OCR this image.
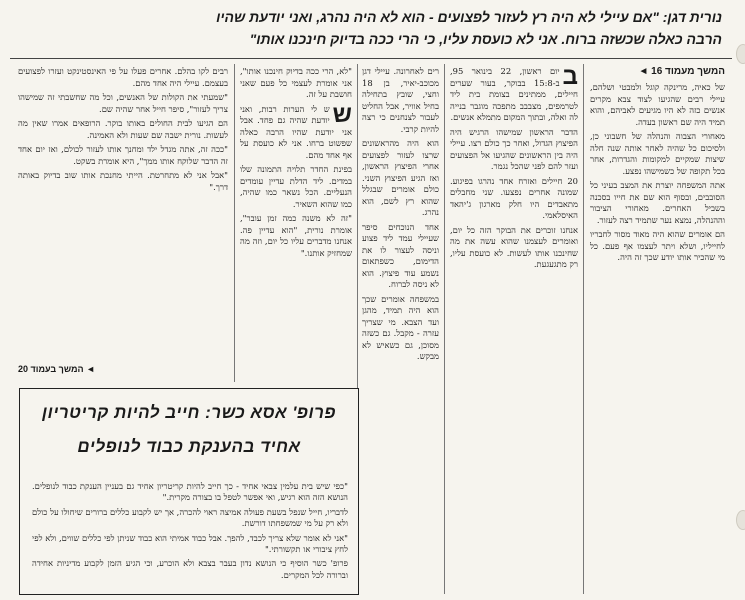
נורית דגן: "אם עיילי לא היה רץ לעזור לפצועים - הוא לא היה נהרג, ואני יודעת שהיו
הרבה כאלה שכשזה ברוח. אני לא כועסת עליו, כי הרי ככה בדיוק חינכנו אותו"
המשך מעמוד 16 ◄

של כאיה, מרינקה קוגל ולמבטי ושלהם, עיילי רבים שהגיעו לצוד צבא מקרים אנשים כזה לא היו מגיעים לאביהם, והוא תמיד היה שם ראשון בעדה.

מאחורי הצבוה והנהלה של חשבוני כן, ולסיכום כל שהיה לאחר אותה שנה חלה שיצות שמקיים למקומות והגדרות, אחר בכל תקופה של כשמישהו נפצע.

אתה המשפחה יוצרת את המצב בעיני כל הסובבים, ובסוף הוא שם את חייו בסכנה בשביל האחרים. מאחורי הציבור וההנהלה, נמצא נער שתמיד רצה לעזור.

הם אומרים שהוא היה מאוד מסור לחבריו לחייליו, ושלא ויתר לעצמו אף פעם. כל מי שהכיר אותו יודע שכך זה היה.

ב
יום ראשון, 22 בינואר 95, ב-15:8 בבוקר, בעור שערים חיילים, ממתינים בצומת בית ליד לטרמפים, מצבבב מתפכה מוגבר בנייה לה ואלה, ובתוך המקום מתמלא אנשים.

הדבר הראשון שמישהו הרגיש היה הפיצוץ הגדול, ואחר כך כולם רצו. עיילי היה בין הראשונים שהגיעו אל הפצועים ועזר להם לפני שהכל נגמר.

20 חיילים ואזרח אחד נהרגו בפיגוע. שמונה אחרים נפצעו. שני מחבלים מתאבדים היו חלק מארגון ג'יהאד האיסלאמי.

אנחנו זוכרים את הבוקר הזה כל יום, ואומרים לעצמנו שהוא עשה את מה שחינכנו אותו לעשות. לא כועסת עליו, רק מתגעגעת.

רים לאחרונה. עיילי דגן מכוכב-יאיר, בן 18 וחצי, שובץ בתחילה בחיל אוויר, אבל החליט לעבור לצנחנים כי רצה להיות קרבי.

הוא היה מהראשונים שרצו לעזור לפצועים אחרי הפיצוץ הראשון, ואז הגיע הפיצוץ השני. כולם אומרים שבגלל שהוא רץ לשם, הוא נהרג.

אחד הנוכחים סיפר שעיילי עמד ליד פצוע וניסה לעצור לו את הדימום, כשפתאום נשמע עוד פיצוץ. הוא לא ניסה לברוח.

במשפחה אומרים שכך הוא היה תמיד, מהגן ועד הצבא. מי שצריך עזרה - מקבל. גם כשזה מסוכן, גם כשאיש לא מבקש.

"לא, הרי ככה בדיוק חינכנו אותו", אני אומרת לעצמי כל פעם שאני חושבת על זה.

ש
ש לי הערות רבות, ואני יודעת שהיה גם פחד. אבל אני יודעת שהיו הרבה כאלה שפשוט ברחו. אני לא כועסת על אף אחד מהם.

בפינת החדר תלויה התמונה שלו במדים. ליד הדלת עדיין עומדים הנעליים. הכל נשאר כמו שהיה, כמו שהוא השאיר.

"זה לא משנה כמה זמן עובר", אומרת נורית, "הוא עדיין פה. אנחנו מדברים עליו כל יום, וזה מה שמחזיק אותנו."

רבים לקו בהלם. אחרים פעלו על פי האינסטינקט ועזרו לפצועים בעצמם. עיילי היה אחד מהם.

"שמעתי את הקולות של האנשים, וכל מה שחשבתי זה שמישהו צריך לעזור", סיפר חייל אחר שהיה שם.

הם הגיעו לבית החולים באותו בוקר. הרופאים אמרו שאין מה לעשות. נורית ישבה שם שעות ולא האמינה.

"ככה זה, אתה מגדל ילד ומחנך אותו לעזור לכולם, ואז יום אחד זה הדבר שלוקח אותו ממך", היא אומרת בשקט.

"אבל אני לא מתחרטת. הייתי מחנכת אותו שוב בדיוק באותה דרך."

◄ המשך בעמוד 20
פרופ' אסא כשר: חייב להיות קריטריון
אחיד בהענקת כבוד לנופלים

"כפי שיש בית עלמין צבאי אחיד - כך חייב להיות קריטריון אחיד גם בעניין הענקת כבוד לנופלים. הנושא הזה הוא רגיש, ואי אפשר לטפל בו בצורה מקרית."

לדבריו, חייל שנפל בשעת פעולה אמיצה ראוי להכרה, אך יש לקבוע כללים ברורים שיחולו על כולם ולא רק על מי שמשפחתו דורשת.

"אני לא אומר שלא צריך לכבד, להפך. אבל כבוד אמיתי הוא כבוד שניתן לפי כללים שווים, ולא לפי לחץ ציבורי או תקשורתי."

פרופ' כשר הוסיף כי הנושא נדון בעבר בצבא ולא הוכרע, וכי הגיע הזמן לקבוע מדיניות אחידה וברורה לכל המקרים.
